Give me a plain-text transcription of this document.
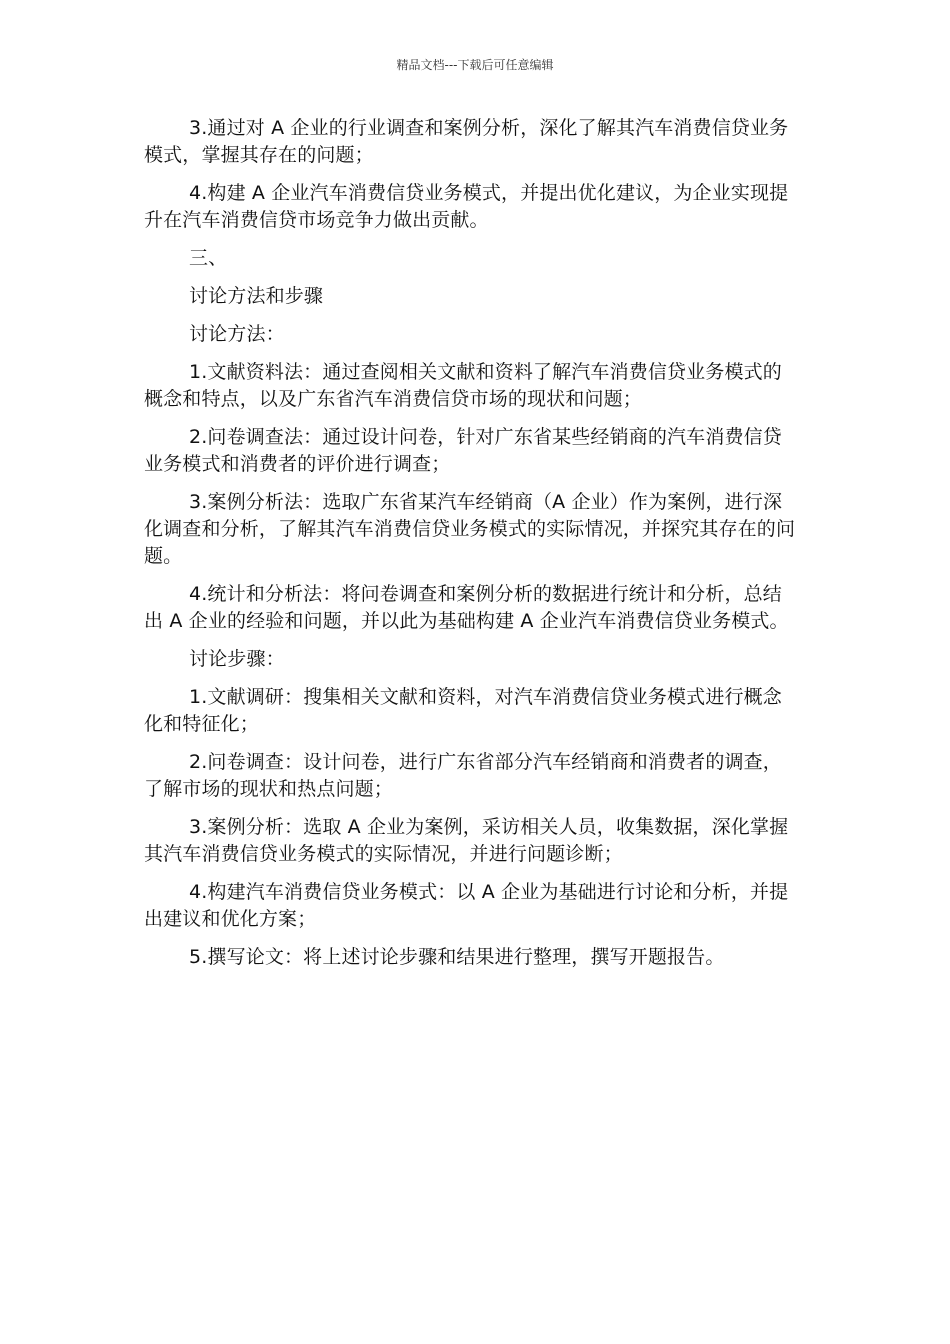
精品文档---下载后可任意编辑

3.通过对 A 企业的行业调查和案例分析，深化了解其汽车消费信贷业务模式，掌握其存在的问题；

4.构建 A 企业汽车消费信贷业务模式，并提出优化建议，为企业实现提升在汽车消费信贷市场竞争力做出贡献。

三、

讨论方法和步骤

讨论方法：

1.文献资料法：通过查阅相关文献和资料了解汽车消费信贷业务模式的概念和特点，以及广东省汽车消费信贷市场的现状和问题；

2.问卷调查法：通过设计问卷，针对广东省某些经销商的汽车消费信贷业务模式和消费者的评价进行调查；

3.案例分析法：选取广东省某汽车经销商（A 企业）作为案例，进行深化调查和分析，了解其汽车消费信贷业务模式的实际情况，并探究其存在的问题。

4.统计和分析法：将问卷调查和案例分析的数据进行统计和分析，总结出 A 企业的经验和问题，并以此为基础构建 A 企业汽车消费信贷业务模式。

讨论步骤：

1.文献调研：搜集相关文献和资料，对汽车消费信贷业务模式进行概念化和特征化；

2.问卷调查：设计问卷，进行广东省部分汽车经销商和消费者的调查，了解市场的现状和热点问题；

3.案例分析：选取 A 企业为案例，采访相关人员，收集数据，深化掌握其汽车消费信贷业务模式的实际情况，并进行问题诊断；

4.构建汽车消费信贷业务模式：以 A 企业为基础进行讨论和分析，并提出建议和优化方案；

5.撰写论文：将上述讨论步骤和结果进行整理，撰写开题报告。
